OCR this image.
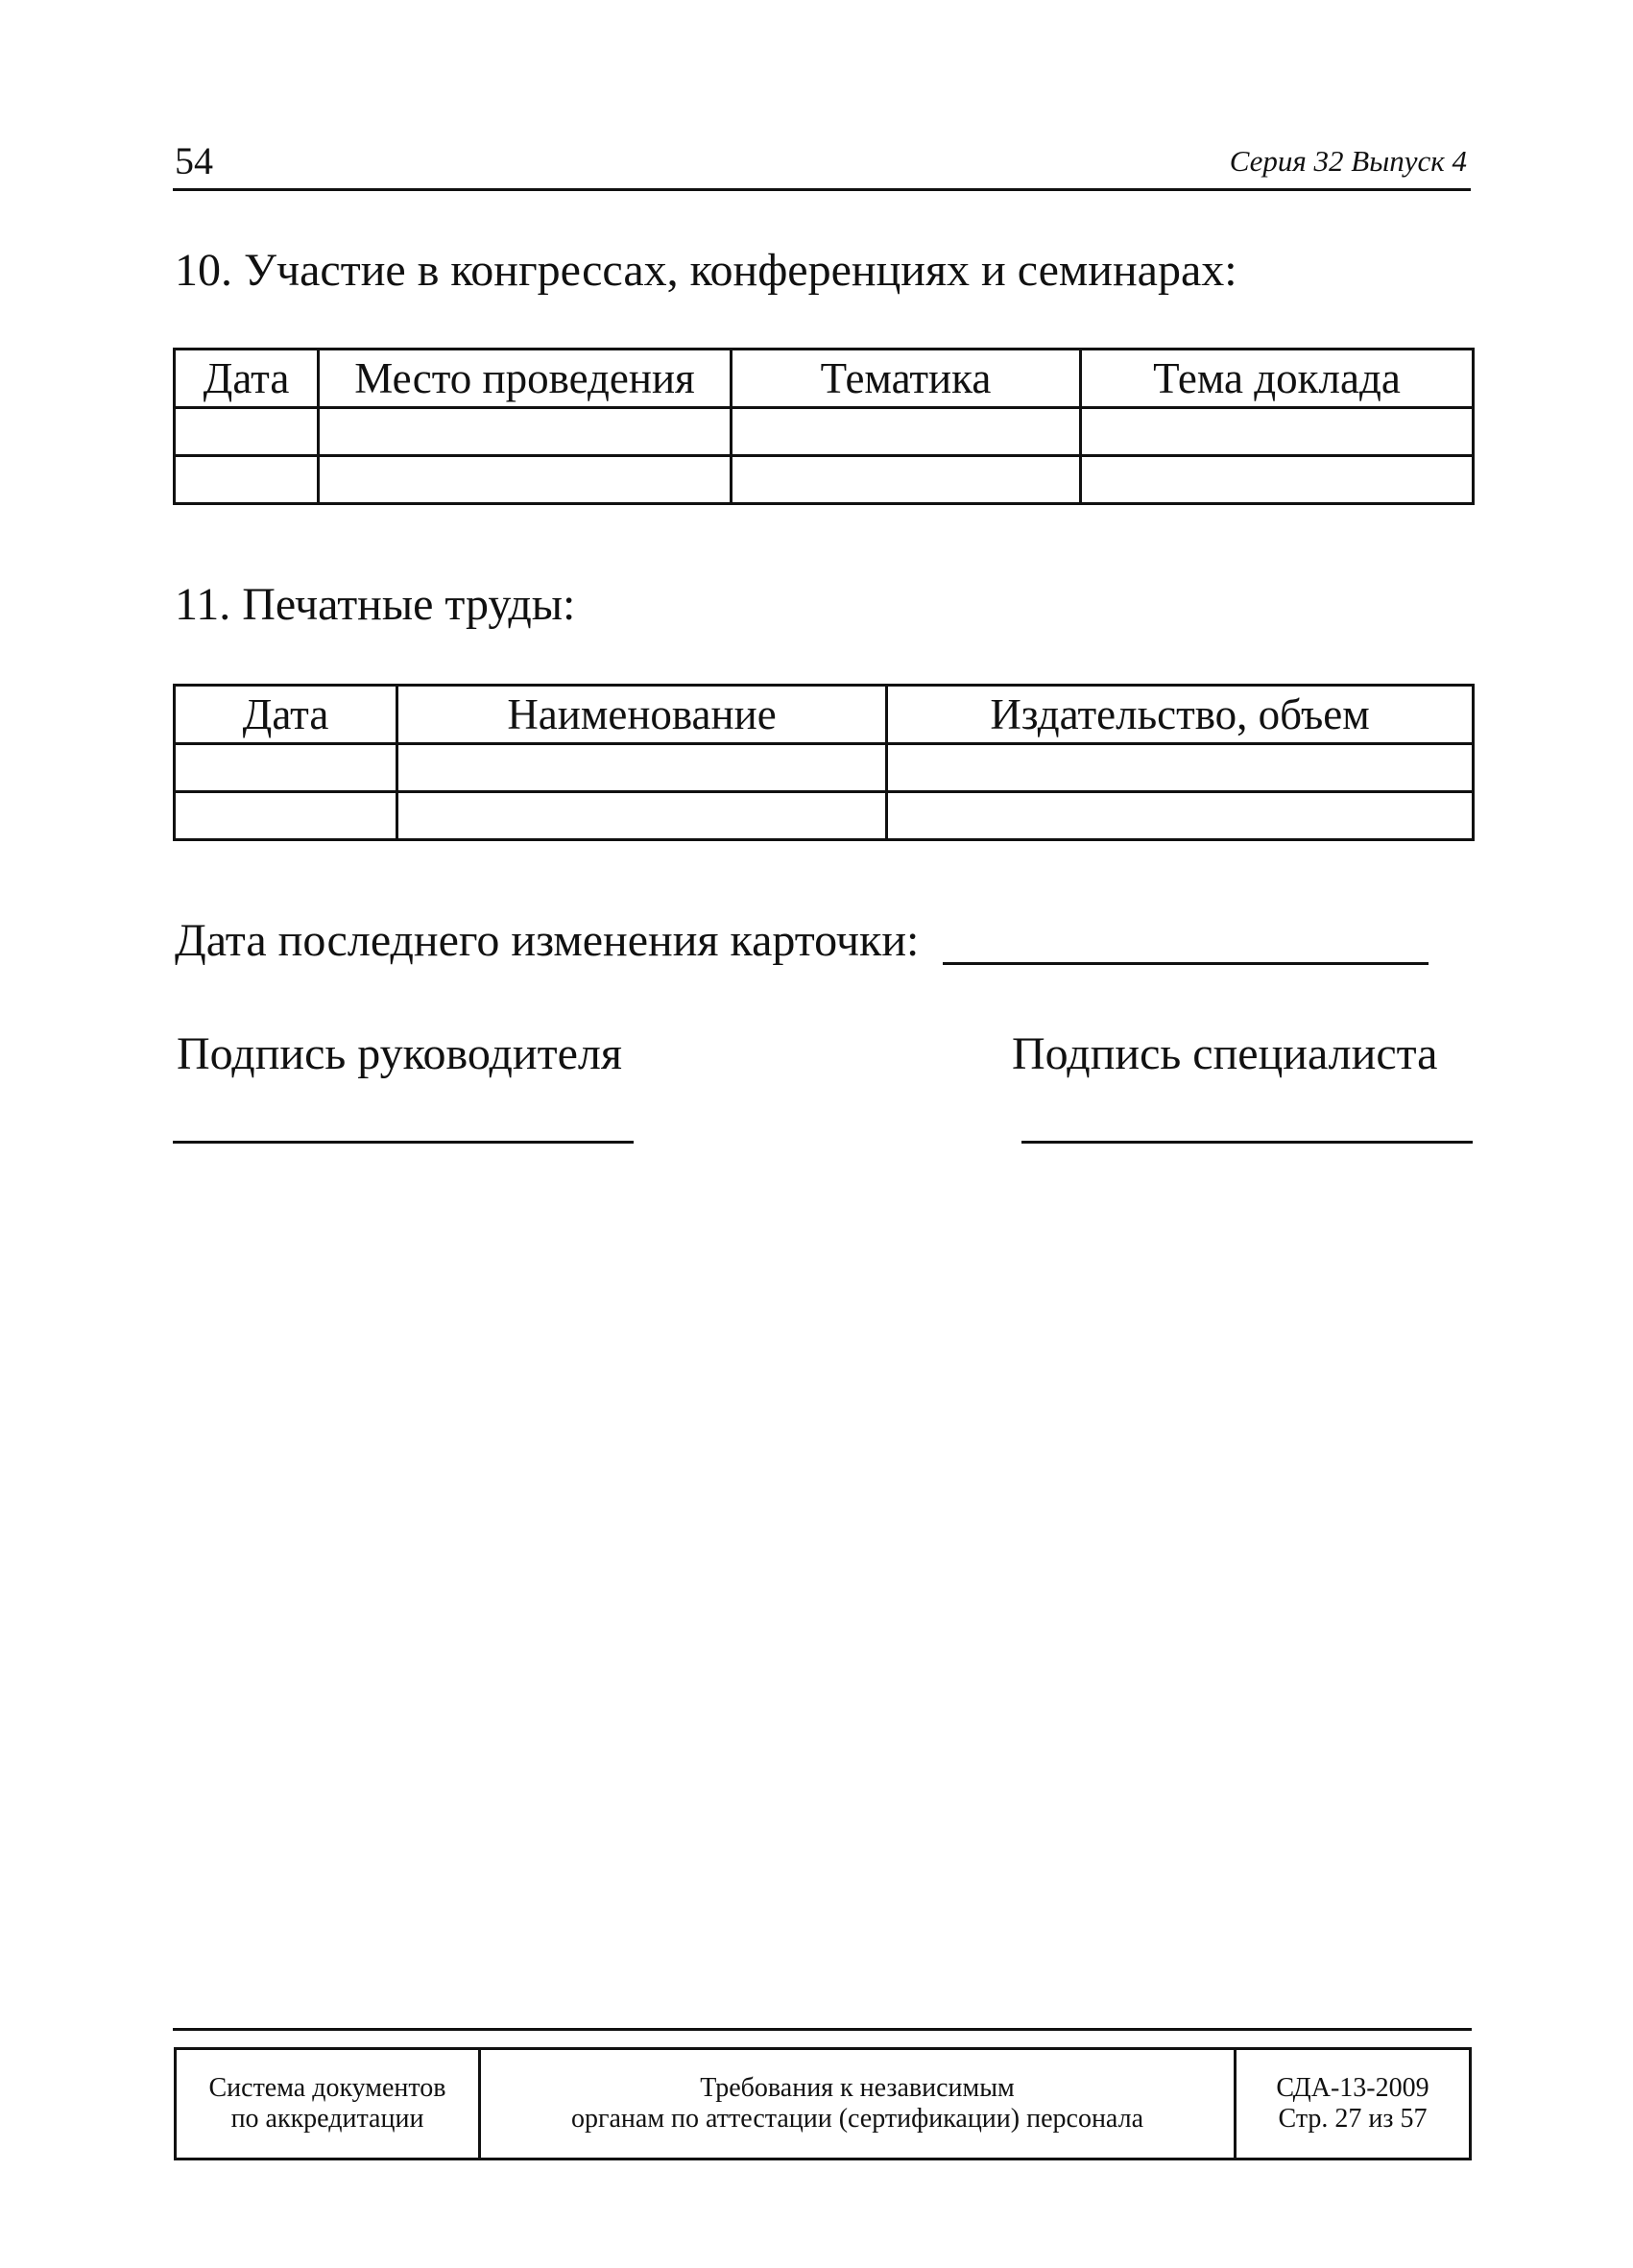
54	Серия 32 Выпуск 4
10. Участие в конгрессах, конференциях и семинарах:
Дата	Место проведения	Тематика	Тема доклада

11. Печатные труды:
Дата	Наименование	Издательство, объем

Дата последнего изменения карточки:
Подпись руководителя	Подпись специалиста
Система документов
по аккредитации
Требования к независимым
органам по аттестации (сертификации) персонала
СДА-13-2009
Стр. 27 из 57
